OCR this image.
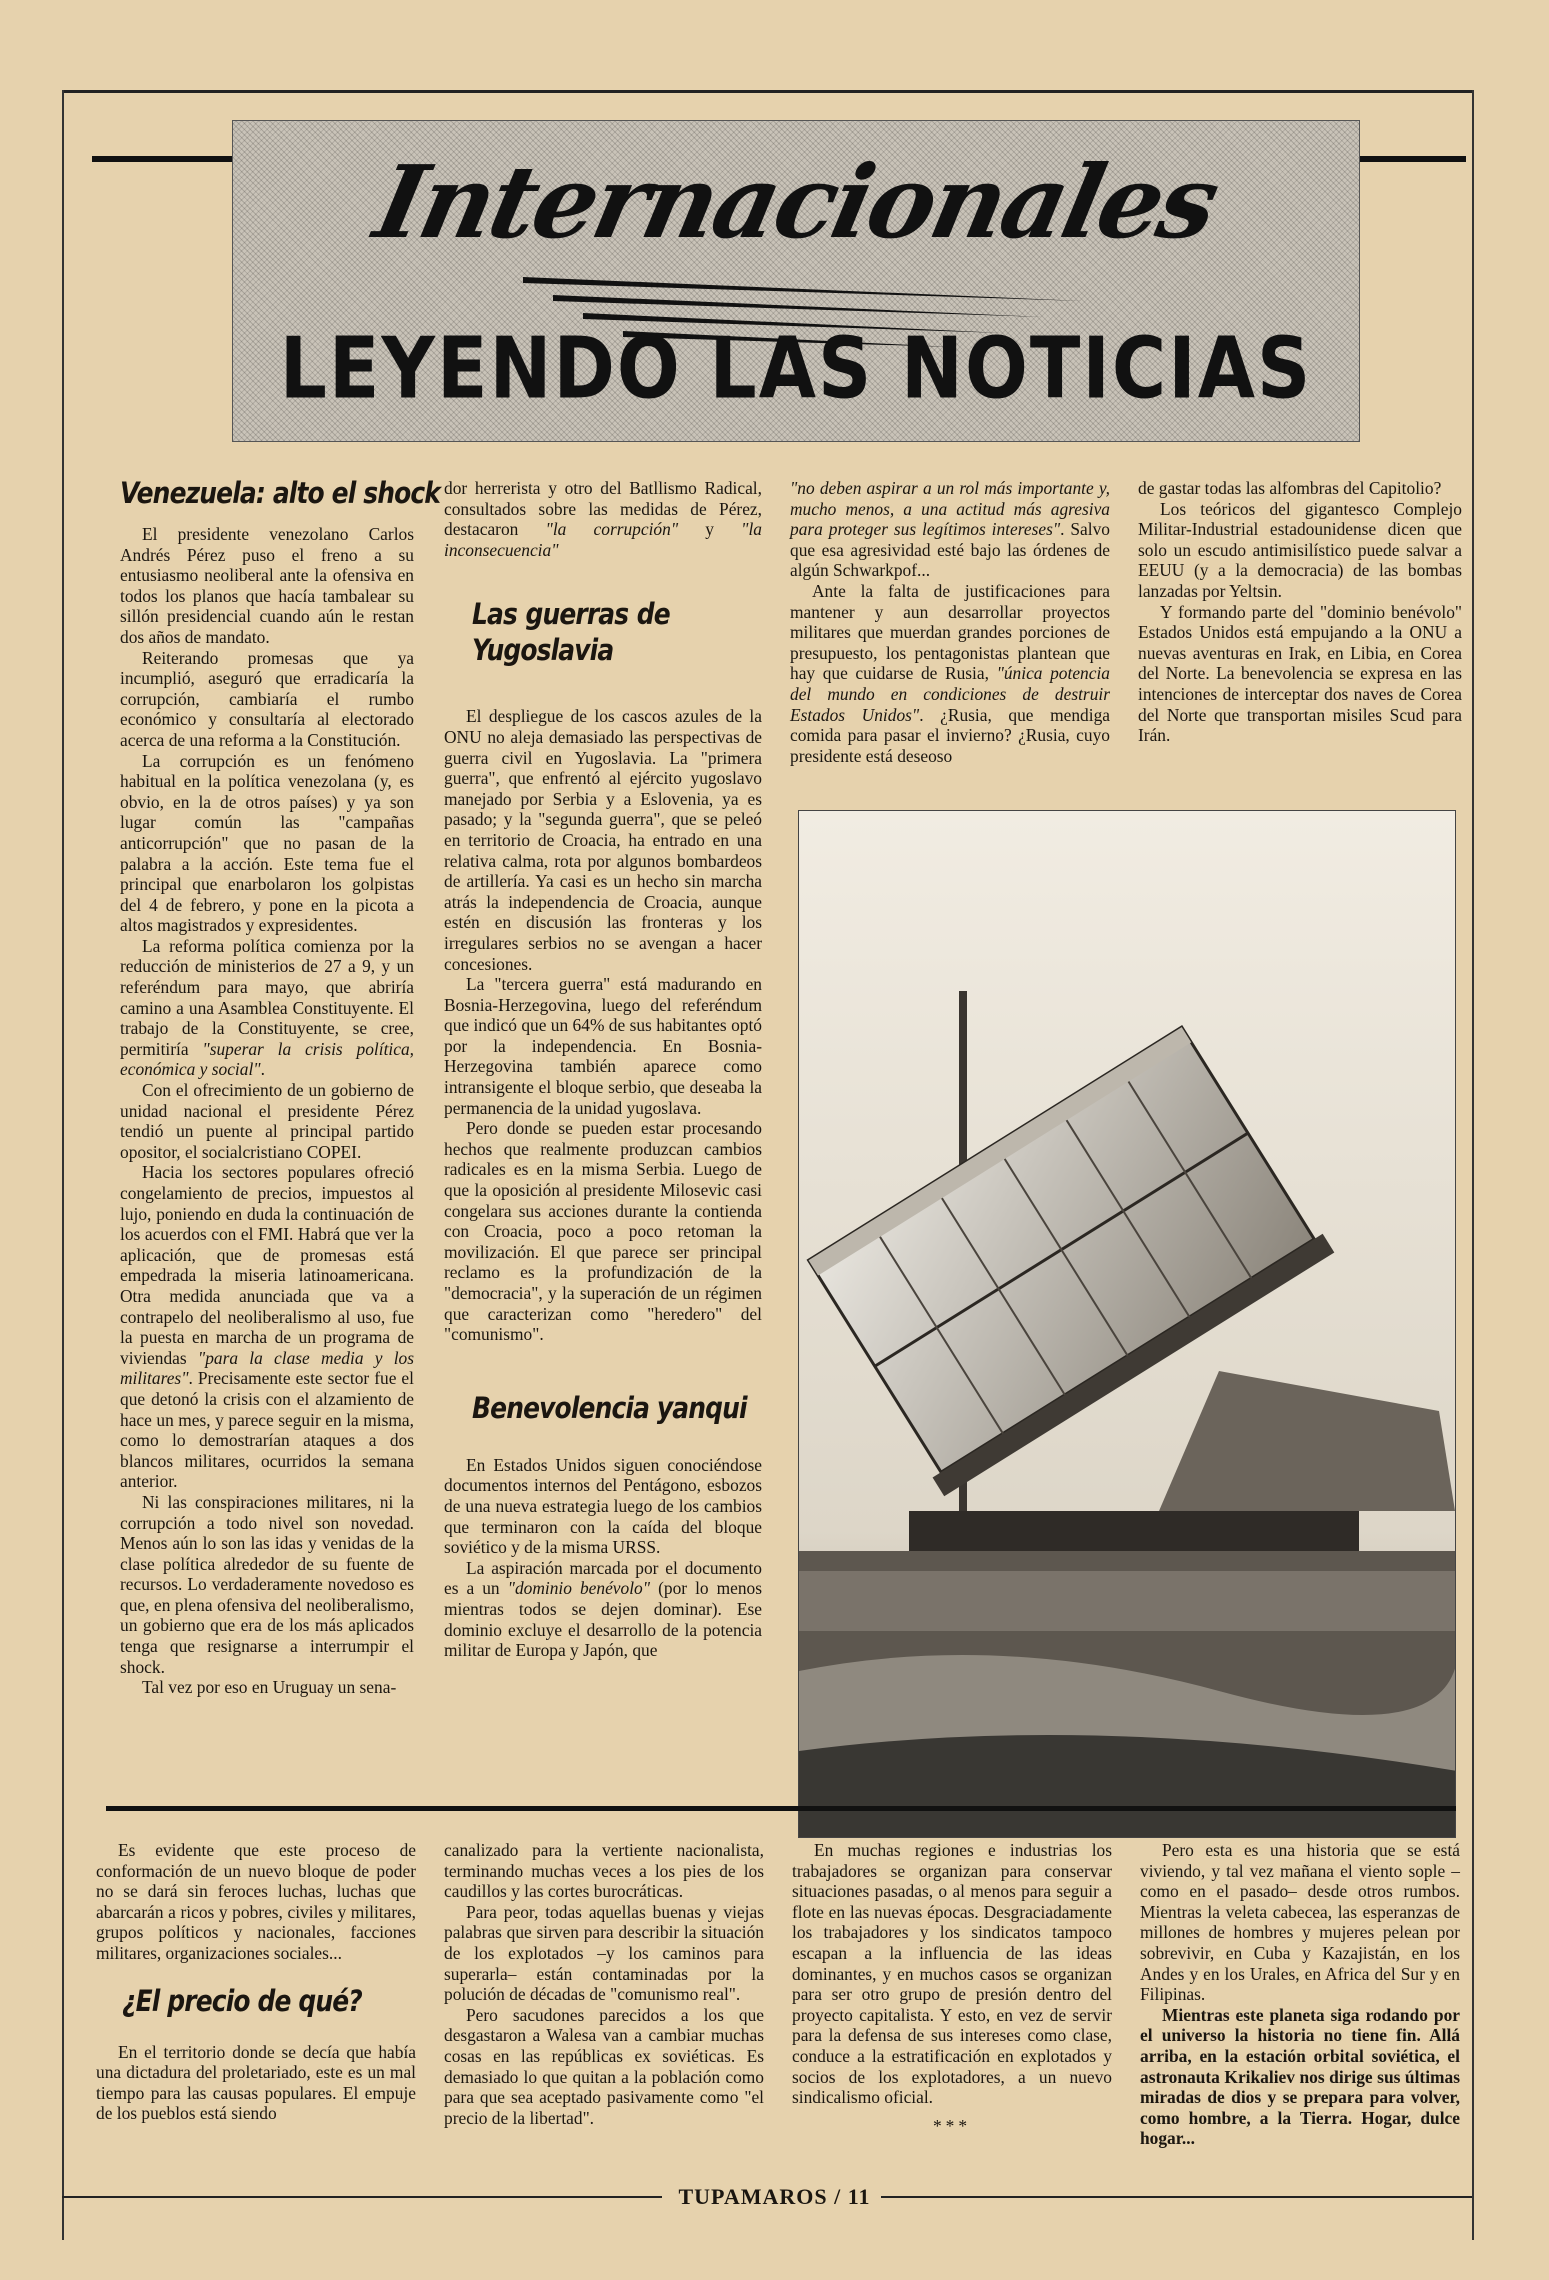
Internacionales
LEYENDO LAS NOTICIAS
Venezuela: alto el shock

El presidente venezolano Carlos Andrés Pérez puso el freno a su entusiasmo neoliberal ante la ofensiva en todos los planos que hacía tambalear su sillón presidencial cuando aún le restan dos años de mandato.

Reiterando promesas que ya incumplió, aseguró que erradicaría la corrupción, cambiaría el rumbo económico y consultaría al electorado acerca de una reforma a la Constitución.

La corrupción es un fenómeno habitual en la política venezolana (y, es obvio, en la de otros países) y ya son lugar común las "campañas anticorrupción" que no pasan de la palabra a la acción. Este tema fue el principal que enarbolaron los golpistas del 4 de febrero, y pone en la picota a altos magistrados y expresidentes.

La reforma política comienza por la reducción de ministerios de 27 a 9, y un referéndum para mayo, que abriría camino a una Asamblea Constituyente. El trabajo de la Constituyente, se cree, permitiría "superar la crisis política, económica y social".

Con el ofrecimiento de un gobierno de unidad nacional el presidente Pérez tendió un puente al principal partido opositor, el socialcristiano COPEI.

Hacia los sectores populares ofreció congelamiento de precios, impuestos al lujo, poniendo en duda la continuación de los acuerdos con el FMI. Habrá que ver la aplicación, que de promesas está empedrada la miseria latinoamericana. Otra medida anunciada que va a contrapelo del neoliberalismo al uso, fue la puesta en marcha de un programa de viviendas "para la clase media y los militares". Precisamente este sector fue el que detonó la crisis con el alzamiento de hace un mes, y parece seguir en la misma, como lo demostrarían ataques a dos blancos militares, ocurridos la semana anterior.

Ni las conspiraciones militares, ni la corrupción a todo nivel son novedad. Menos aún lo son las idas y venidas de la clase política alrededor de su fuente de recursos. Lo verdaderamente novedoso es que, en plena ofensiva del neoliberalismo, un gobierno que era de los más aplicados tenga que resignarse a interrumpir el shock.

Tal vez por eso en Uruguay un sena-

dor herrerista y otro del Batllismo Radical, consultados sobre las medidas de Pérez, destacaron "la corrupción" y "la inconsecuencia"

Las guerras de Yugoslavia

El despliegue de los cascos azules de la ONU no aleja demasiado las perspectivas de guerra civil en Yugoslavia. La "primera guerra", que enfrentó al ejército yugoslavo manejado por Serbia y a Eslovenia, ya es pasado; y la "segunda guerra", que se peleó en territorio de Croacia, ha entrado en una relativa calma, rota por algunos bombardeos de artillería. Ya casi es un hecho sin marcha atrás la independencia de Croacia, aunque estén en discusión las fronteras y los irregulares serbios no se avengan a hacer concesiones.

La "tercera guerra" está madurando en Bosnia-Herzegovina, luego del referéndum que indicó que un 64% de sus habitantes optó por la independencia. En Bosnia-Herzegovina también aparece como intransigente el bloque serbio, que deseaba la permanencia de la unidad yugoslava.

Pero donde se pueden estar procesando hechos que realmente produzcan cambios radicales es en la misma Serbia. Luego de que la oposición al presidente Milosevic casi congelara sus acciones durante la contienda con Croacia, poco a poco retoman la movilización. El que parece ser principal reclamo es la profundización de la "democracia", y la superación de un régimen que caracterizan como "heredero" del "comunismo".

Benevolencia yanqui

En Estados Unidos siguen conociéndose documentos internos del Pentágono, esbozos de una nueva estrategia luego de los cambios que terminaron con la caída del bloque soviético y de la misma URSS.

La aspiración marcada por el documento es a un "dominio benévolo" (por lo menos mientras todos se dejen dominar). Ese dominio excluye el desarrollo de la potencia militar de Europa y Japón, que

"no deben aspirar a un rol más importante y, mucho menos, a una actitud más agresiva para proteger sus legítimos intereses". Salvo que esa agresividad esté bajo las órdenes de algún Schwarkpof...

Ante la falta de justificaciones para mantener y aun desarrollar proyectos militares que muerdan grandes porciones de presupuesto, los pentagonistas plantean que hay que cuidarse de Rusia, "única potencia del mundo en condiciones de destruir Estados Unidos". ¿Rusia, que mendiga comida para pasar el invierno? ¿Rusia, cuyo presidente está deseoso

de gastar todas las alfombras del Capitolio?

Los teóricos del gigantesco Complejo Militar-Industrial estadounidense dicen que solo un escudo antimisilístico puede salvar a EEUU (y a la democracia) de las bombas lanzadas por Yeltsin.

Y formando parte del "dominio benévolo" Estados Unidos está empujando a la ONU a nuevas aventuras en Irak, en Libia, en Corea del Norte. La benevolencia se expresa en las intenciones de interceptar dos naves de Corea del Norte que transportan misiles Scud para Irán.

Es evidente que este proceso de conformación de un nuevo bloque de poder no se dará sin feroces luchas, luchas que abarcarán a ricos y pobres, civiles y militares, grupos políticos y nacionales, facciones militares, organizaciones sociales...

¿El precio de qué?

En el territorio donde se decía que había una dictadura del proletariado, este es un mal tiempo para las causas populares. El empuje de los pueblos está siendo

canalizado para la vertiente nacionalista, terminando muchas veces a los pies de los caudillos y las cortes burocráticas.

Para peor, todas aquellas buenas y viejas palabras que sirven para describir la situación de los explotados –y los caminos para superarla– están contaminadas por la polución de décadas de "comunismo real".

Pero sacudones parecidos a los que desgastaron a Walesa van a cambiar muchas cosas en las repúblicas ex soviéticas. Es demasiado lo que quitan a la población como para que sea aceptado pasivamente como "el precio de la libertad".

En muchas regiones e industrias los trabajadores se organizan para conservar situaciones pasadas, o al menos para seguir a flote en las nuevas épocas. Desgraciadamente los trabajadores y los sindicatos tampoco escapan a la influencia de las ideas dominantes, y en muchos casos se organizan para ser otro grupo de presión dentro del proyecto capitalista. Y esto, en vez de servir para la defensa de sus intereses como clase, conduce a la estratificación en explotados y socios de los explotadores, a un nuevo sindicalismo oficial.

***

Pero esta es una historia que se está viviendo, y tal vez mañana el viento sople –como en el pasado– desde otros rumbos. Mientras la veleta cabecea, las esperanzas de millones de hombres y mujeres pelean por sobrevivir, en Cuba y Kazajistán, en los Andes y en los Urales, en Africa del Sur y en Filipinas.

Mientras este planeta siga rodando por el universo la historia no tiene fin. Allá arriba, en la estación orbital soviética, el astronauta Krikaliev nos dirige sus últimas miradas de dios y se prepara para volver, como hombre, a la Tierra. Hogar, dulce hogar...

TUPAMAROS / 11
